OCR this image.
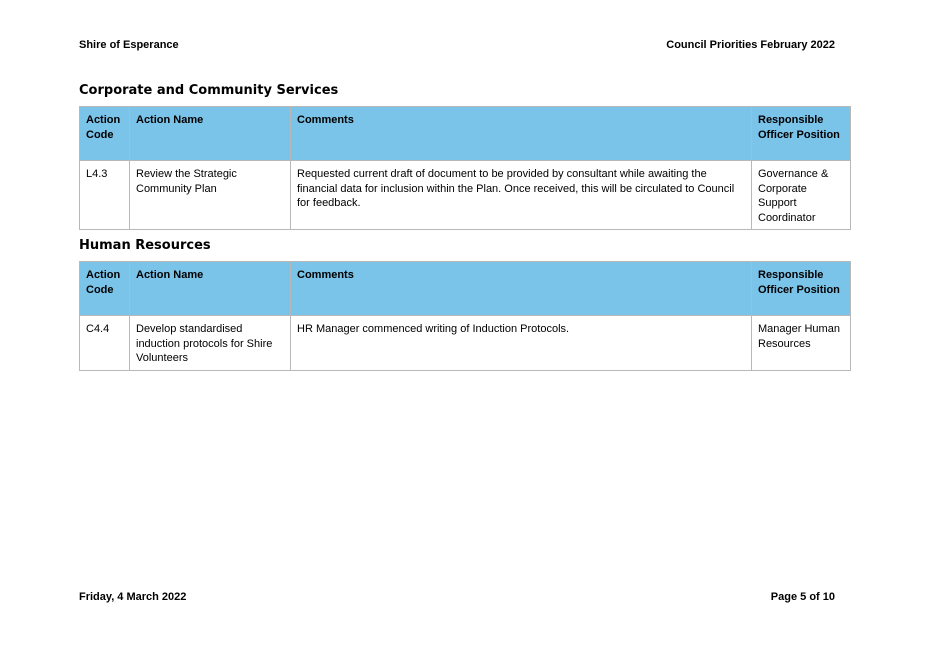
Shire of Esperance	Council Priorities February 2022
Corporate and Community Services
Action Code	Action Name	Comments	Responsible Officer Position
L4.3	Review the Strategic Community Plan	Requested current draft of document to be provided by consultant while awaiting the financial data for inclusion within the Plan. Once received, this will be circulated to Council for feedback.	Governance & Corporate Support Coordinator
Human Resources
Action Code	Action Name	Comments	Responsible Officer Position
C4.4	Develop standardised induction protocols for Shire Volunteers	HR Manager commenced writing of Induction Protocols.	Manager Human Resources
Friday, 4 March 2022	Page 5 of 10
